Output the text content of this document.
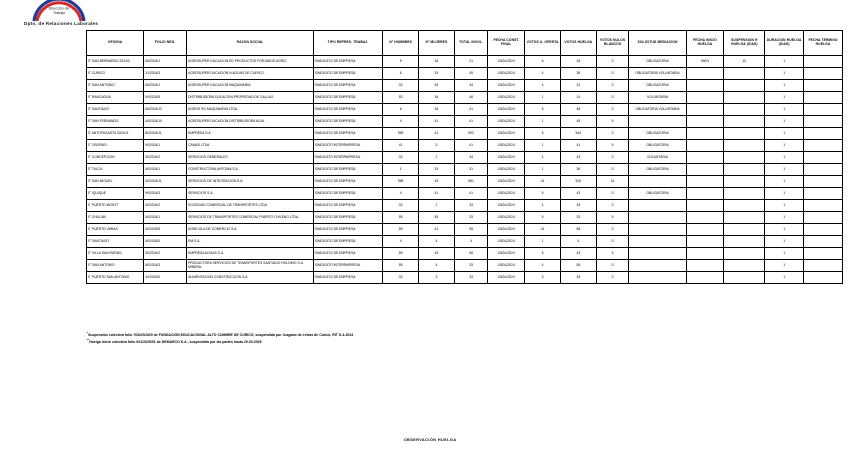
Dirección del
Trabajo
Dpto. de Relaciones Laborales
OFICINA	FOLIO NEG.	RAZON SOCIAL	TIPO REPRES. TRABAJ.	N° HOMBRES	N° MUJERES	TOTAL INVOL.	FECHA CONST. FINAL	VOTOS U. OFERTA	VOTOS HUELGA	VOTOS NULOS BLANCOS	SOLICITUD MEDIACION	FECHA INICIO HUELGA	SUSPENSION H HUELGA (DIAS)	DURACION HUELGA (DIAS)	FECHA TERMINO HUELGA
IT SAN BERNARDO 2024/2	08/2024/1	AGROSUPER DUCACION ED PRODUCTOS FORJADOS AGRIC.	SINDICATO DE EMPRESA	5	16	21	03/01/2024	6	15	0	OBLIGATORIA	09/01	10	1	
IT CURICO	31/2024/3	AGROSUPER DUCACION N AGUAS DE CURICO.	SINDICATO DE EMPRESA	6	33	45	03/01/2024	4	38	0	OBLIGATORIA VOLUNTARIA			1	
IT SAN ANTONIO	08/2024/1	AGROSUPER DUCACION MAQUINARIA.	SINDICATO DE EMPRESA	33	53	44	03/01/2024	4	31	0	OBLIGATORIA			1	
IT RANCAGUA	09/2024/5	DISTRIBUIDORA DUCACION PROPIEDAD DE CALLAO.	SINDICATO DE EMPRESA	53	16	48	03/01/2024	1	14	0	VOLUNTARIA			1	
IT SANTIAGO	08/2024/12	AGROS SO MAQUINARIA LTDA.	SINDICATO DE EMPRESA	6	35	41	03/01/2024	5	48	0	OBLIGATORIA VOLUNTARIA			1	
IT SAN FERNANDO	44/2024/10	AGROSUPER DUCACION DISTRIBUIDORA ALVA.	SINDICATO DE EMPRESA	4	41	41	03/01/2024	1	45	5				1	
IT ANTOFAGASTA 2024/11	80/2024/11	EMPRESA S.A.	SINDICATO DE EMPRESA	553	41	592	03/01/2024	5	540	0	OBLIGATORIA			1	
IT OSORNO	90/2024/1	CAMAS LTDA.	SINDICATO INTERRMPRESA	41	3	41	03/01/2024	1	41	5	OBLIGATORIA			1	
IT CONCEPCION	30/2024/2	SERVICIOS GENERALES.	SINDICATO INTERRMPRESA	33	1	44	03/01/2024	1	43	0	VOLUNTARIA			1	
IT TALCA	40/2024/1	CONSTRUCTORA ANTONIA S.A.	SINDICATO DE EMPRESA	1	33	31	03/01/2024	1	36	0	OBLIGATORIA			1	
IT SAN MIGUEL	40/2024/11	SERVICIOS DE INTEGRACION S.A.	SINDICATO DE EMPRESA	555	43	581	03/01/2024	41	510	41				1	
IT IQUIQUE	99/2024/3	SERVICIOS S.A.	SINDICATO DE EMPRESA	4	41	41	03/01/2024	5	43	0	OBLIGATORIA			1	
IT PUERTO MONTT	40/2024/2	SOCIEDAD COMERCIAL DE TRANSPORTES LTDA.	SINDICATO DE EMPRESA	33	1	33	03/01/2024	1	33	0				1	
IT CHILLAN	30/2024/1	SERVICIOS DE TRANSPORTES COMERCIAL PUERTO CHILENO LTDA.	SINDICATO DE EMPRESA	55	45	33	03/01/2024	5	33	5				1	
IT PUERTO VARAS	40/2024/5	AGRICOLA DE COMERCIO S.A.	SINDICATO DE EMPRESA	55	41	55	03/01/2024	41	58	0				1	
IT SANTIAGO	40/2024/0	EM S.A.	SINDICATO DE EMPRESA	4	4	4	03/01/2024	1	4	0				1	
IT VILLA SAN RAFAEL	30/2024/2	EMPRESA AGUAS S.A.	SINDICATO DE EMPRESA	55	43	58	03/01/2024	5	43	5				1	
IT SAN ANTONIO	80/2024/3	PRODUCTORA SERVICIOS DE TRANSPORTES SANTIAGO HOLDING S.A. MINERA.	SINDICATO INTERRMPRESA	55	4	33	03/01/2024	4	55	0				1	
IT PUERTO SAN ANTONIO	44/2024/0	ALIMENTACION CONSTRUCCION S.A.	SINDICATO DE EMPRESA	33	3	33	03/01/2024	3	33	0				1	
*Suspensión colectiva folio 703/2024/20 de FUNDACIÓN EDUCACIONAL ALTO CUMBRE DE CURICÓ, suspendida por Juzgado de Letras de Curicó, RIT S-3-2024
**Huelga inició colectiva folio 001/2025/01 de DEMARCO S.A., suspendida por las partes hasta 20.03.2025
OBSERVACIÓN HUELGA
